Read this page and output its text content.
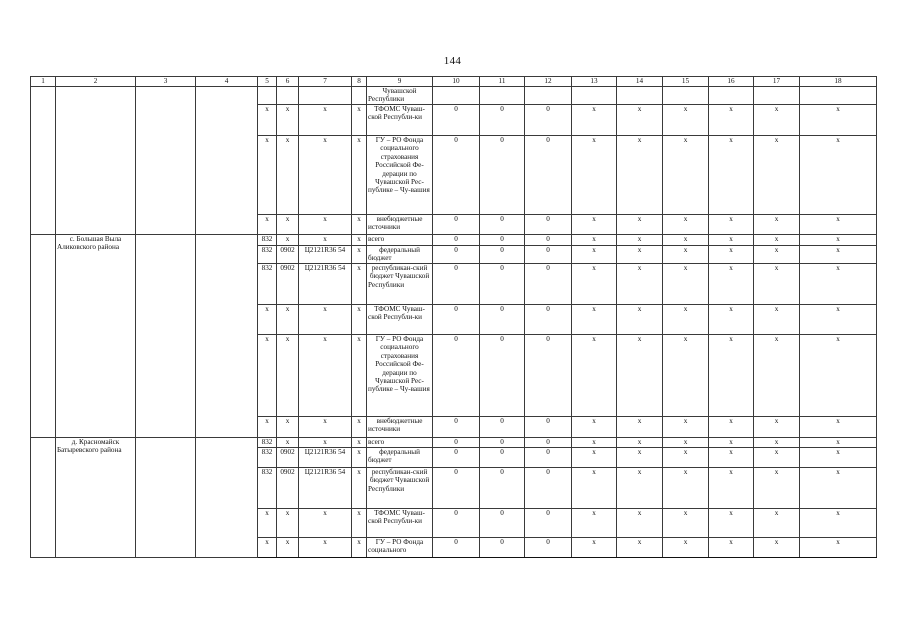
144
1	2	3	4	5	6	7	8	9	10	11	12	13	14	15	16	17	18
								Чувашской Республики									
				х	х	х	х	ТФОМС Чуваш-ской Республи-ки	0	0	0	х	х	х	х	х	х
				х	х	х	х	ГУ – РО Фонда социального страхования Российской Фе-дерации по Чувашской Рес-публике – Чу-вашия	0	0	0	х	х	х	х	х	х
				х	х	х	х	внебюджетные источники	0	0	0	х	х	х	х	х	х
	с. Большая Выла Аликовского района			832	х	х	х	всего	0	0	0	х	х	х	х	х	х
				832	0902	Ц2121R36 54	х	федеральный бюджет	0	0	0	х	х	х	х	х	х
				832	0902	Ц2121R36 54	х	республикан-ский бюджет Чувашской Республики	0	0	0	х	х	х	х	х	х
				х	х	х	х	ТФОМС Чуваш-ской Республи-ки	0	0	0	х	х	х	х	х	х
				х	х	х	х	ГУ – РО Фонда социального страхования Российской Фе-дерации по Чувашской Рес-публике – Чу-вашия	0	0	0	х	х	х	х	х	х
				х	х	х	х	внебюджетные источники	0	0	0	х	х	х	х	х	х
	д. Красномайск Батыревского района			832	х	х	х	всего	0	0	0	х	х	х	х	х	х
				832	0902	Ц2121R36 54	х	федеральный бюджет	0	0	0	х	х	х	х	х	х
				832	0902	Ц2121R36 54	х	республикан-ский бюджет Чувашской Республики	0	0	0	х	х	х	х	х	х
				х	х	х	х	ТФОМС Чуваш-ской Республи-ки	0	0	0	х	х	х	х	х	х
				х	х	х	х	ГУ – РО Фонда социального	0	0	0	х	х	х	х	х	х
